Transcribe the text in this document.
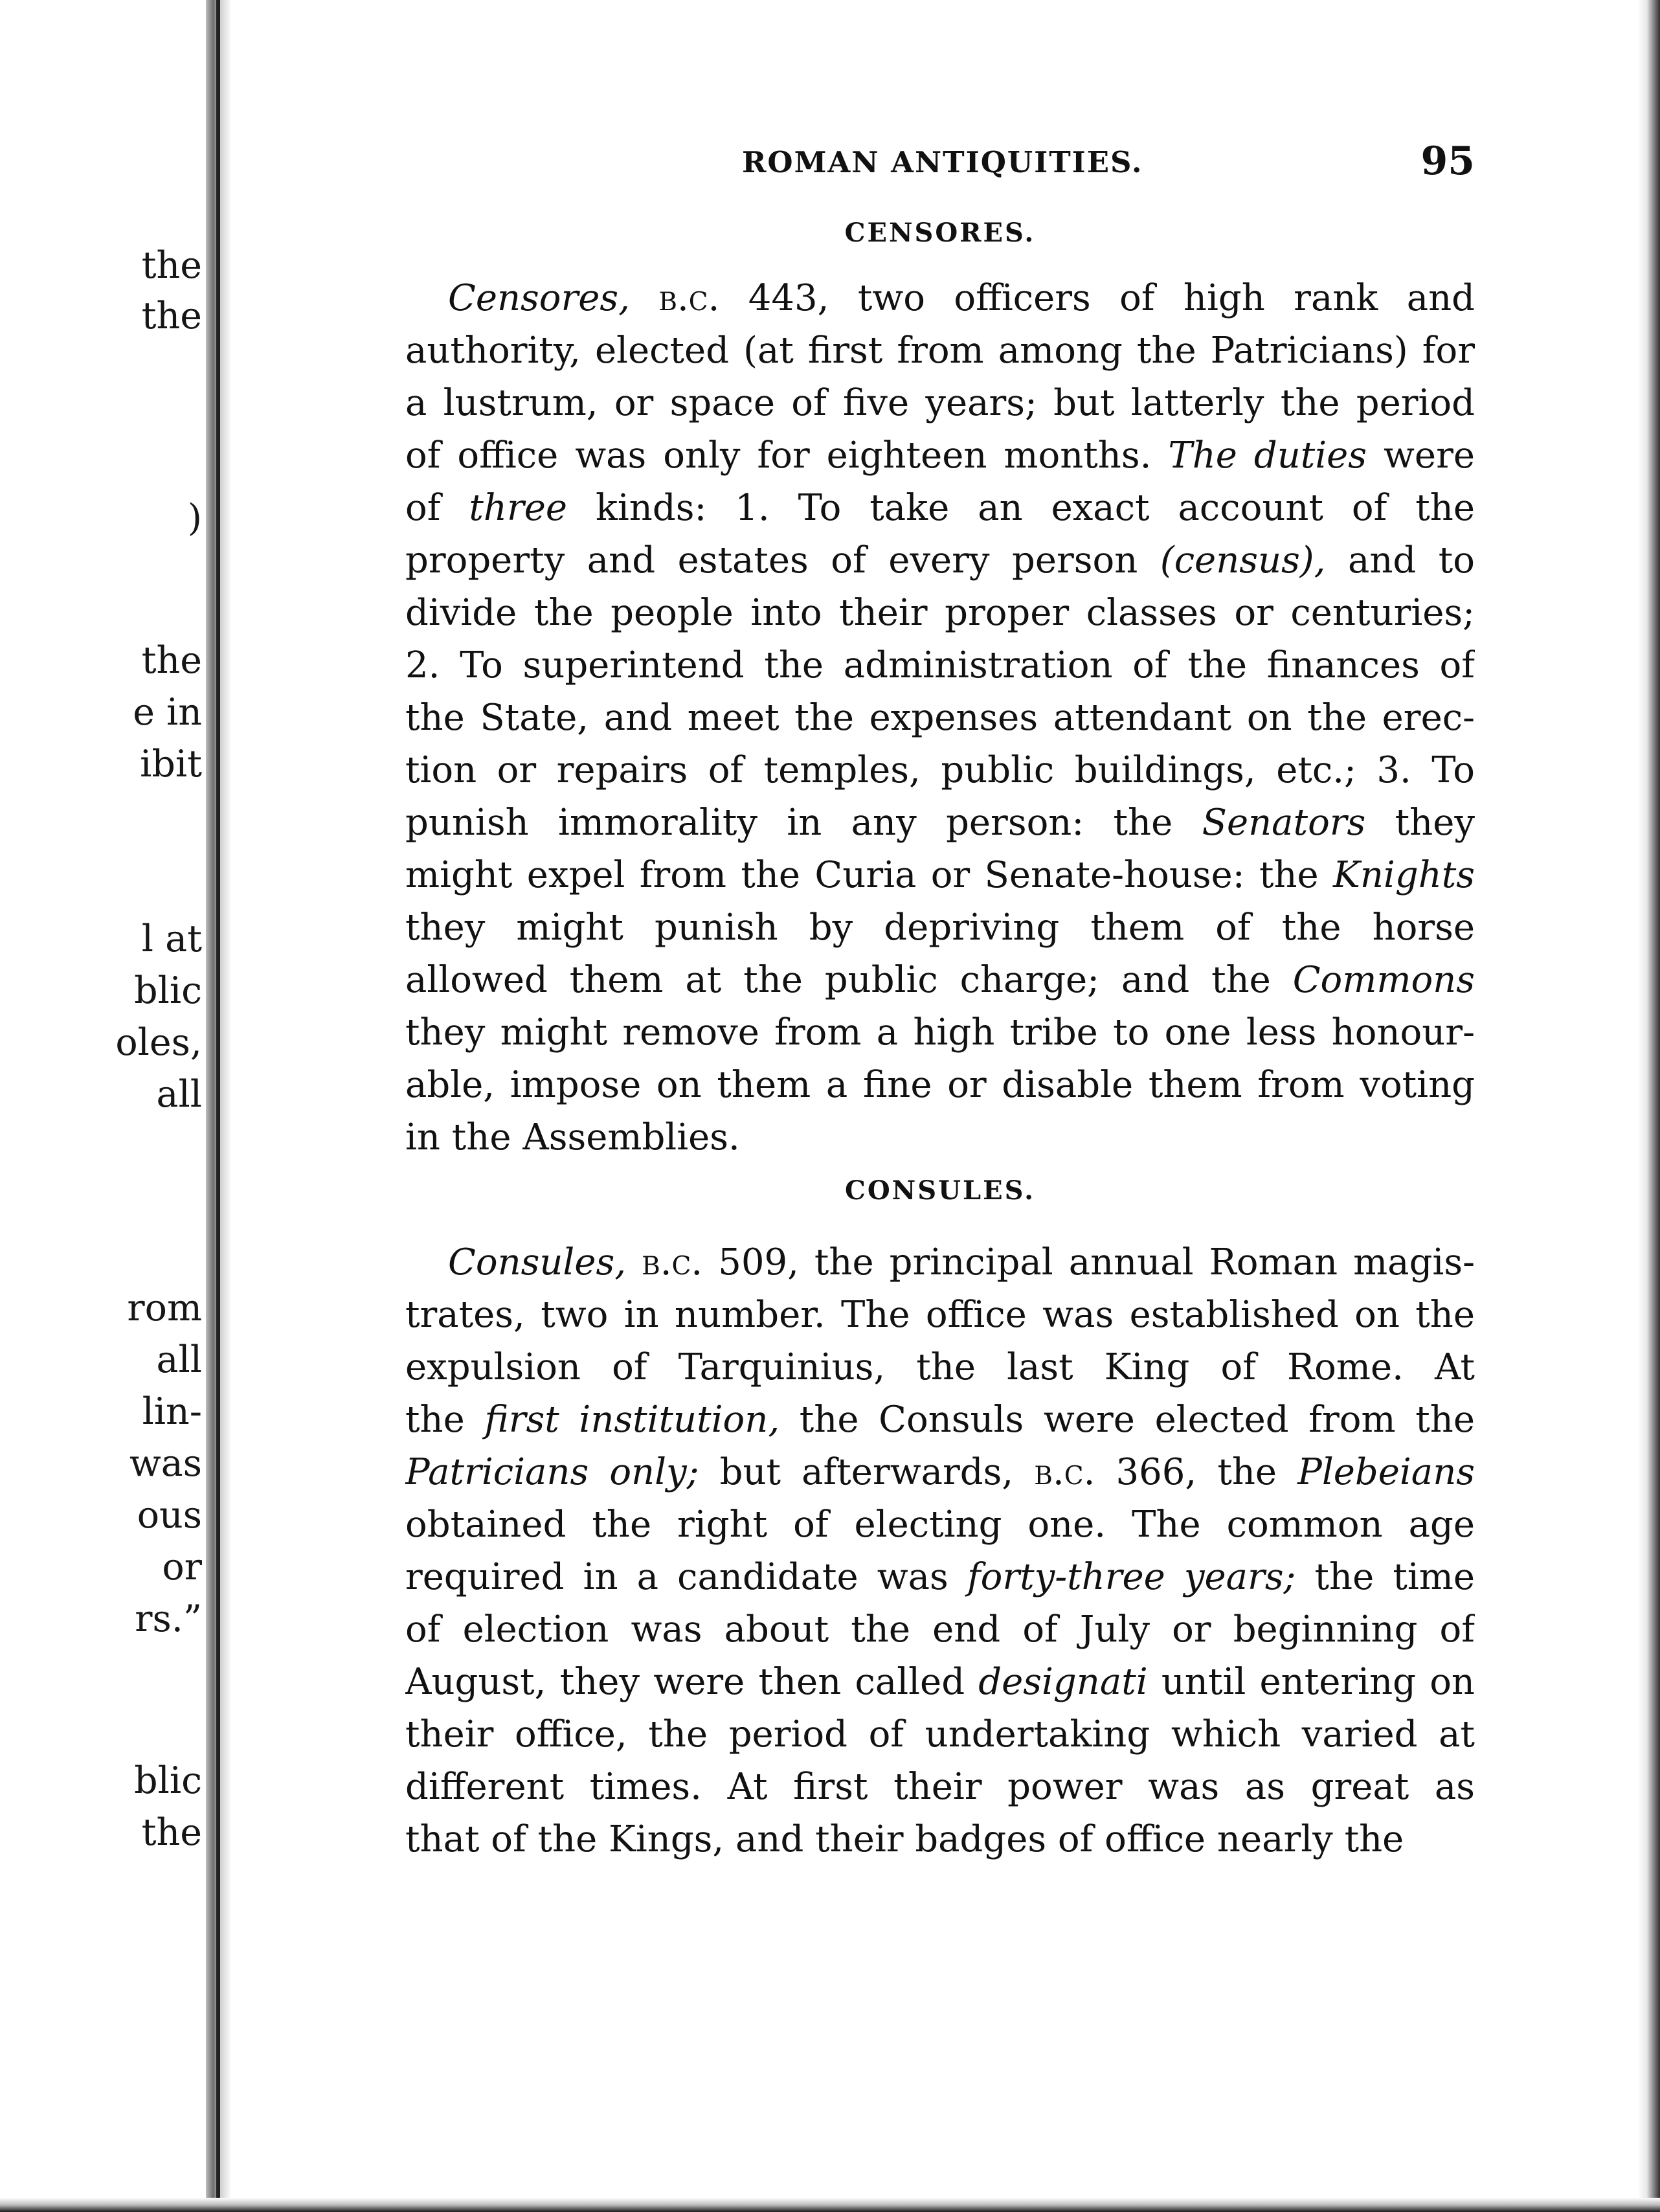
the
the
)
the
e in
ibit
l at
blic
oles,
all
rom
all
lin-
was
ous
or
rs.”
blic
the
ROMAN ANTIQUITIES.	95
CENSORES.
Censores, b.c. 443, two officers of high rank and
authority, elected (at first from among the Patricians) for
a lustrum, or space of five years; but latterly the period
of office was only for eighteen months. The duties were
of three kinds: 1. To take an exact account of the
property and estates of every person (census), and to
divide the people into their proper classes or centuries;
2. To superintend the administration of the finances of
the State, and meet the expenses attendant on the erec-
tion or repairs of temples, public buildings, etc.; 3. To
punish immorality in any person: the Senators they
might expel from the Curia or Senate-house: the Knights
they might punish by depriving them of the horse
allowed them at the public charge; and the Commons
they might remove from a high tribe to one less honour-
able, impose on them a fine or disable them from voting
in the Assemblies.
CONSULES.
Consules, b.c. 509, the principal annual Roman magis-
trates, two in number. The office was established on the
expulsion of Tarquinius, the last King of Rome. At
the first institution, the Consuls were elected from the
Patricians only; but afterwards, b.c. 366, the Plebeians
obtained the right of electing one. The common age
required in a candidate was forty-three years; the time
of election was about the end of July or beginning of
August, they were then called designati until entering on
their office, the period of undertaking which varied at
different times. At first their power was as great as
that of the Kings, and their badges of office nearly the
